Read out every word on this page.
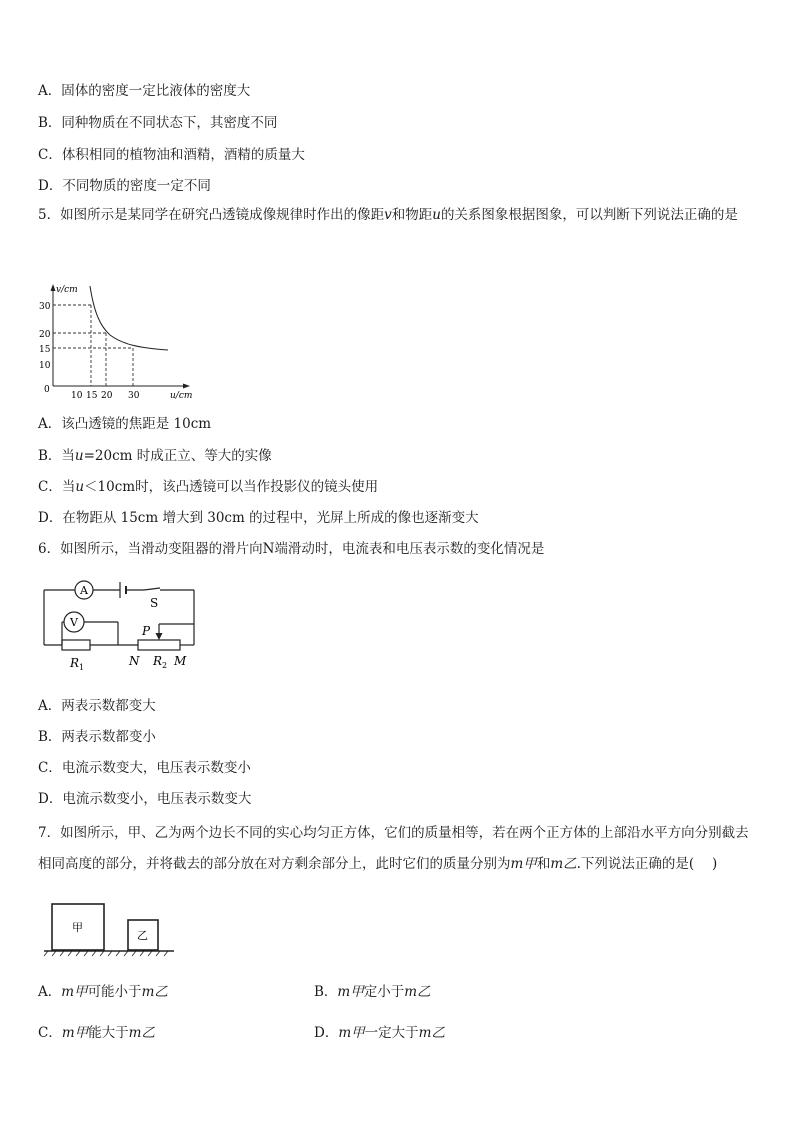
A．固体的密度一定比液体的密度大
B．同种物质在不同状态下，其密度不同
C．体积相同的植物油和酒精，酒精的质量大
D．不同物质的密度一定不同
5．如图所示是某同学在研究凸透镜成像规律时作出的像距v和物距u的关系图象根据图象，可以判断下列说法正确的是
v/cm
30
20
15
10
0
10 15 20 30	u/cm
A．该凸透镜的焦距是 10cm
B．当u=20cm 时成正立、等大的实像
C．当u＜10cm时，该凸透镜可以当作投影仪的镜头使用
D．在物距从 15cm 增大到 30cm 的过程中，光屏上所成的像也逐渐变大
6．如图所示，当滑动变阻器的滑片向N端滑动时，电流表和电压表示数的变化情况是
A
V
S
P
R 1	N R 2 M
A．两表示数都变大
B．两表示数都变小
C．电流示数变大，电压表示数变小
D．电流示数变小，电压表示数变大
7．如图所示，甲、乙为两个边长不同的实心均匀正方体，它们的质量相等，若在两个正方体的上部沿水平方向分别截去相同高度的部分，并将截去的部分放在对方剩余部分上，此时它们的质量分别为m甲和m乙.下列说法正确的是(　 )
甲
乙
A．m甲可能小于m乙	B．m甲定小于m乙
C．m甲能大于m乙	D．m甲一定大于m乙
